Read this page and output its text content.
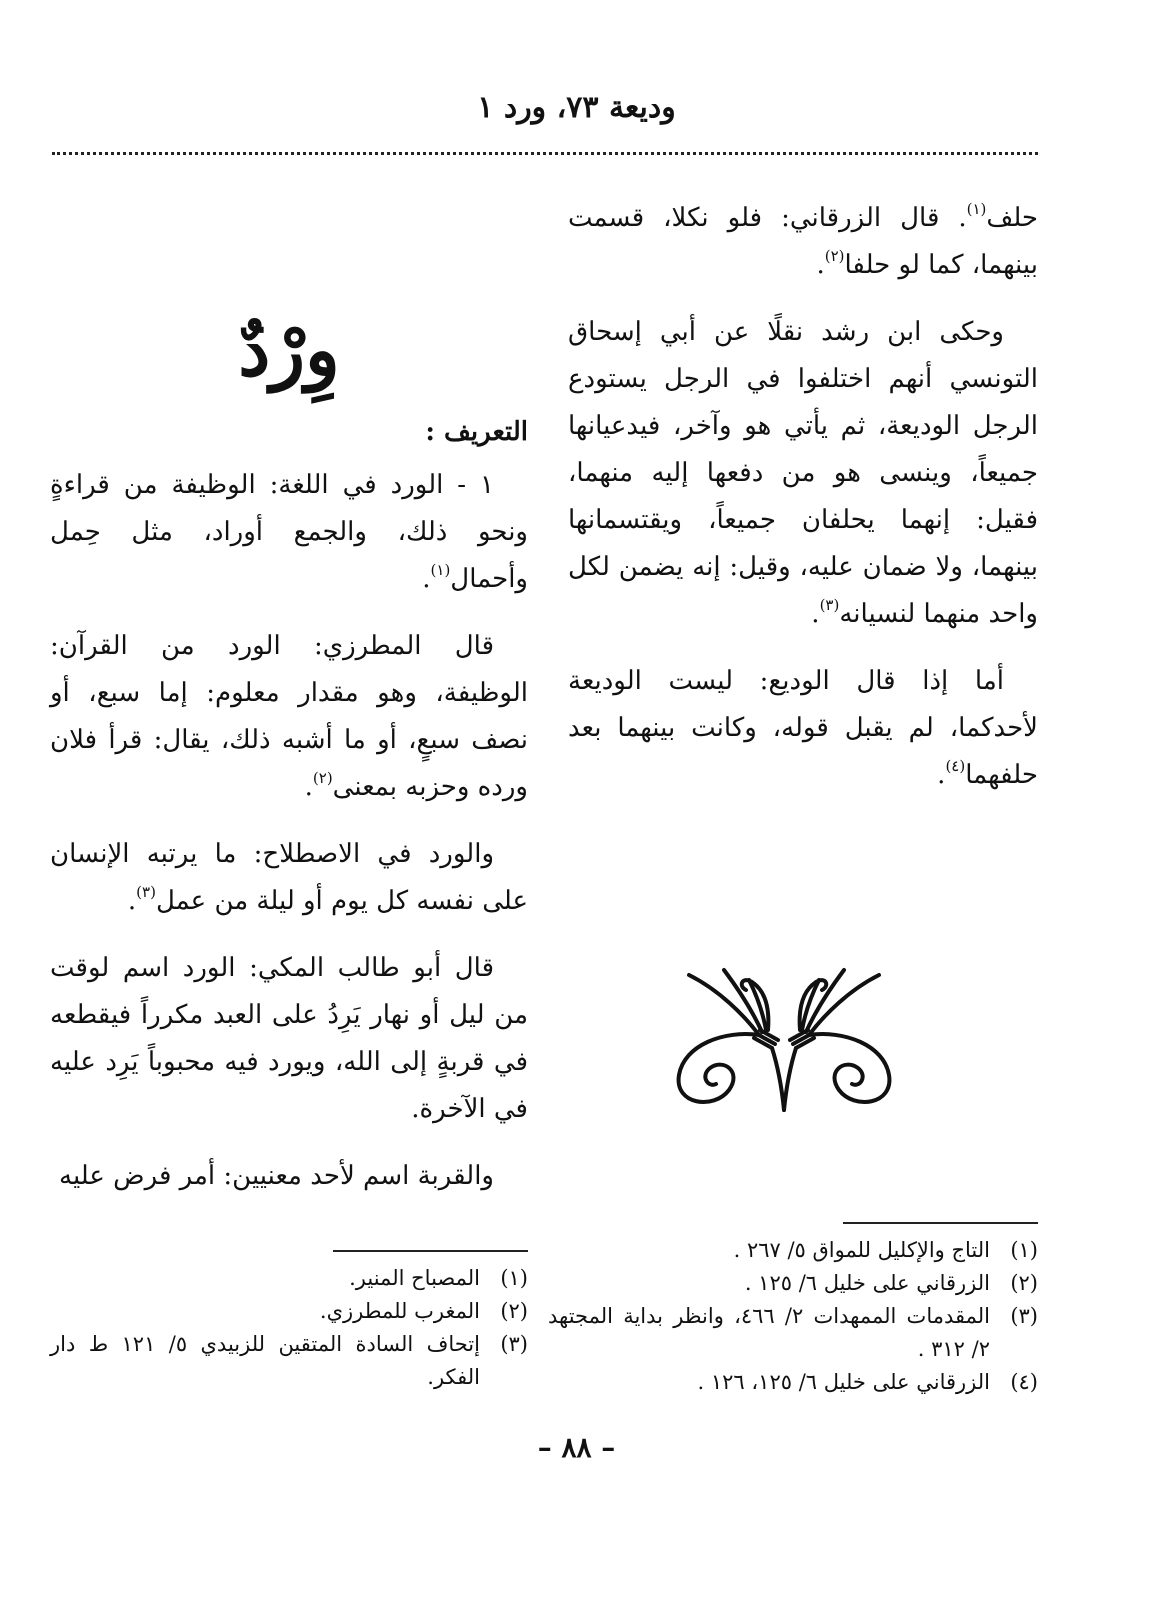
وديعة ٧٣، ورد ١

حلف$^{(١)}$. قال الزرقاني: فلو نكلا، قسمت بينهما، كما لو حلفا$^{(٢)}$.

وحكى ابن رشد نقلًا عن أبي إسحاق التونسي أنهم اختلفوا في الرجل يستودع الرجل الوديعة، ثم يأتي هو وآخر، فيدعيانها جميعاً، وينسى هو من دفعها إليه منهما، فقيل: إنهما يحلفان جميعاً، ويقتسمانها بينهما، ولا ضمان عليه، وقيل: إنه يضمن لكل واحد منهما لنسيانه$^{(٣)}$.

أما إذا قال الوديع: ليست الوديعة لأحدكما، لم يقبل قوله، وكانت بينهما بعد حلفهما$^{(٤)}$.

وِرْدٌ
التعريف :

١ - الورد في اللغة: الوظيفة من قراءةٍ ونحو ذلك، والجمع أوراد، مثل حِمل وأحمال$^{(١)}$.

قال المطرزي: الورد من القرآن: الوظيفة، وهو مقدار معلوم: إما سبع، أو نصف سبعٍ، أو ما أشبه ذلك، يقال: قرأ فلان ورده وحزبه بمعنى$^{(٢)}$.

والورد في الاصطلاح: ما يرتبه الإنسان على نفسه كل يوم أو ليلة من عمل$^{(٣)}$.

قال أبو طالب المكي: الورد اسم لوقت من ليل أو نهار يَرِدُ على العبد مكرراً فيقطعه في قربةٍ إلى الله، ويورد فيه محبوباً يَرِد عليه في الآخرة.

والقربة اسم لأحد معنيين: أمر فرض عليه

(١)
التاج والإكليل للمواق ٥/ ٢٦٧ .
(٢)
الزرقاني على خليل ٦/ ١٢٥ .
(٣)
المقدمات الممهدات ٢/ ٤٦٦، وانظر بداية المجتهد ٢/ ٣١٢ .
(٤)
الزرقاني على خليل ٦/ ١٢٥، ١٢٦ .
(١)
المصباح المنير.
(٢)
المغرب للمطرزي.
(٣)
إتحاف السادة المتقين للزبيدي ٥/ ١٢١ ط دار الفكر.
– ٨٨ –
